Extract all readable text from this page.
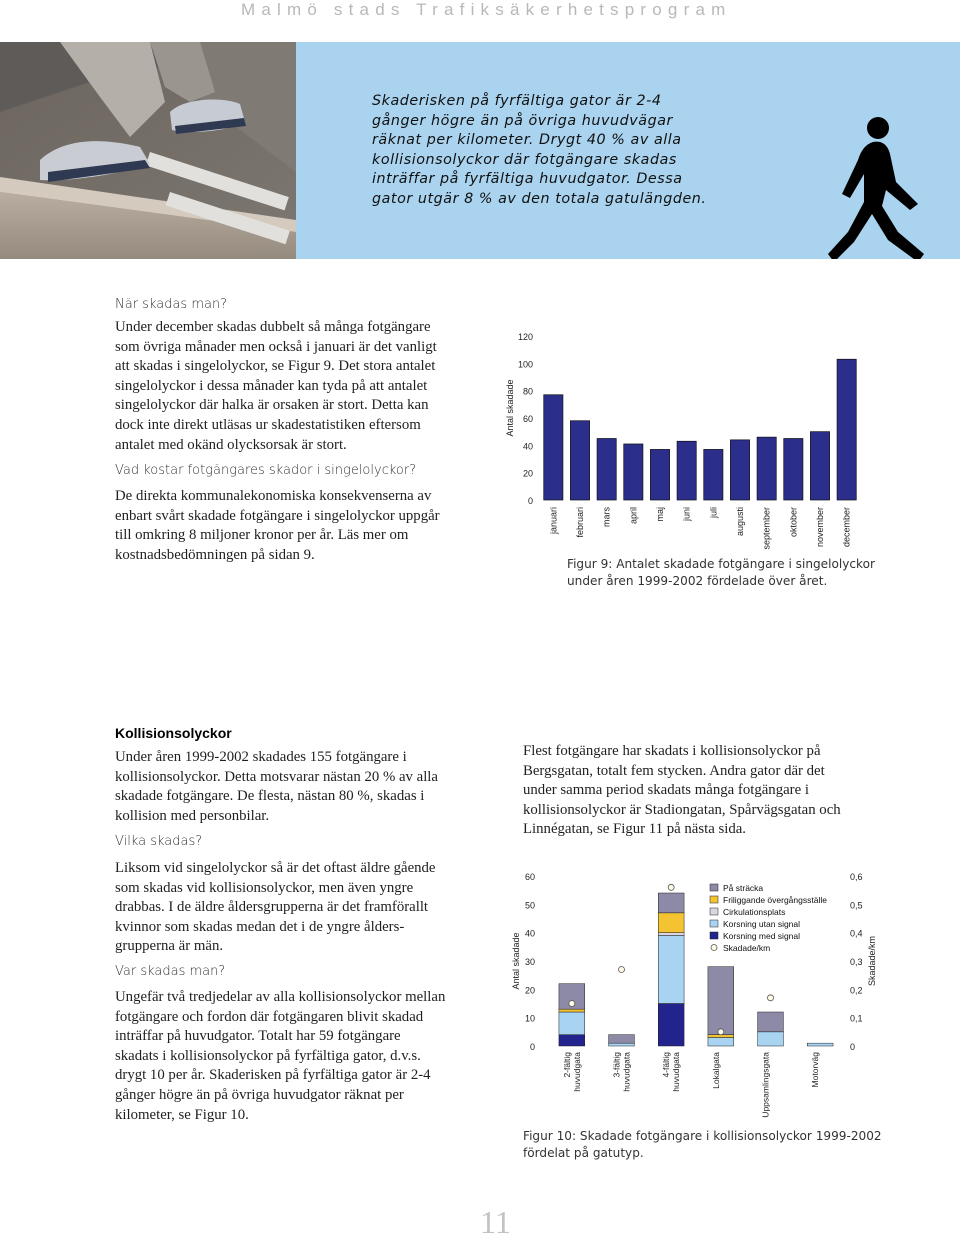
Malmö stads Trafiksäkerhetsprogram
Skaderisken på fyrfältiga gator är 2-4
gånger högre än på övriga huvudvägar
räknat per kilometer. Drygt 40 % av alla
kollisionsolyckor där fotgängare skadas
inträffar på fyrfältiga huvudgator. Dessa
gator utgär 8 % av den totala gatulängden.
När skadas man?

Under december skadas dubbelt så många fotgängare

som övriga månader men också i januari är det vanligt

att skadas i singelolyckor, se Figur 9. Det stora antalet

singelolyckor i dessa månader kan tyda på att antalet

singelolyckor där halka är orsaken är stort. Detta kan

dock inte direkt utläsas ur skadestatistiken eftersom

antalet med okänd olycksorsak är stort.

Vad kostar fotgängares skador i singelolyckor?

De direkta kommunalekonomiska konsekvenserna av

enbart svårt skadade fotgängare i singelolyckor uppgår

till omkring 8 miljoner kronor per år. Läs mer om

kostnadsbedömningen på sidan 9.

0
20
40
60
80
100
120
Antal skadade
januari februari mars april maj juni juli augusti september oktober november december
Figur 9: Antalet skadade fotgängare i singelolyckor
under åren 1999-2002 fördelade över året.
Kollisionsolyckor

Under åren 1999-2002 skadades 155 fotgängare i

kollisionsolyckor. Detta motsvarar nästan 20 % av alla

skadade fotgängare. De flesta, nästan 80 %, skadas i

kollision med personbilar.

Vilka skadas?

Liksom vid singelolyckor så är det oftast äldre gående

som skadas vid kollisionsolyckor, men även yngre

drabbas. I de äldre åldersgrupperna är det framförallt

kvinnor som skadas medan det i de yngre ålders-

grupperna är män.

Var skadas man?

Ungefär två tredjedelar av alla kollisionsolyckor mellan

fotgängare och fordon där fotgängaren blivit skadad

inträffar på huvudgator. Totalt har 59 fotgängare

skadats i kollisionsolyckor på fyrfältiga gator, d.v.s.

drygt 10 per år. Skaderisken på fyrfältiga gator är 2-4

gånger högre än på övriga huvudgator räknat per

kilometer, se Figur 10.

Flest fotgängare har skadats i kollisionsolyckor på

Bergsgatan, totalt fem stycken. Andra gator där det

under samma period skadats många fotgängare i

kollisionsolyckor är Stadiongatan, Spårvägsgatan och

Linnégatan, se Figur 11 på nästa sida.

0
10
20
30
40
50
60
0
0,1
0,2
0,3
0,4
0,5
0,6
Antal skadade	Skadade/km
2-fältig huvudgata	3-fältig huvudgata	4-fältig huvudgata	Lokalgata	Uppsamlingsgata	Motorväg
På sträcka
Friliggande övergångsställe
Cirkulationsplats
Korsning utan signal
Korsning med signal
Skadade/km
Figur 10: Skadade fotgängare i kollisionsolyckor 1999-2002
fördelat på gatutyp.
11
